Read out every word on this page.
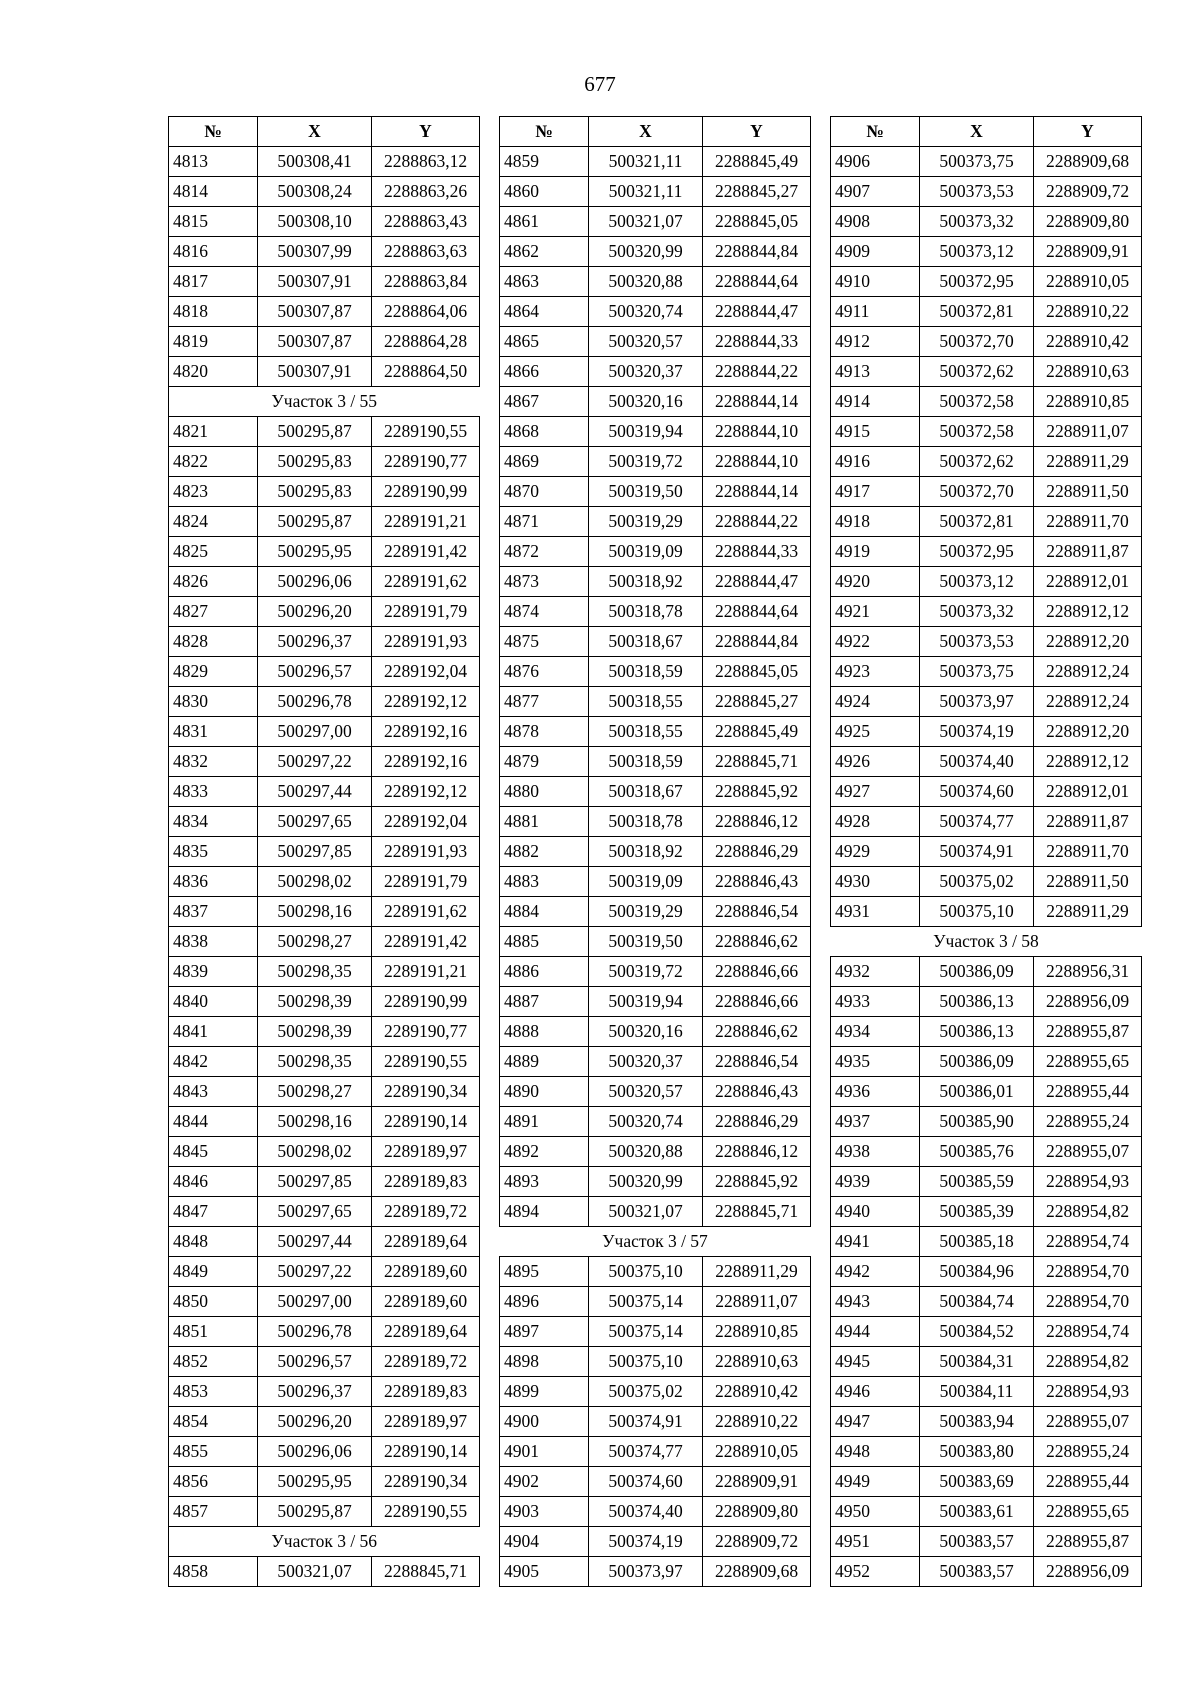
677
№	X	Y
4813	500308,41	2288863,12
4814	500308,24	2288863,26
4815	500308,10	2288863,43
4816	500307,99	2288863,63
4817	500307,91	2288863,84
4818	500307,87	2288864,06
4819	500307,87	2288864,28
4820	500307,91	2288864,50
Участок 3 / 55		
4821	500295,87	2289190,55
4822	500295,83	2289190,77
4823	500295,83	2289190,99
4824	500295,87	2289191,21
4825	500295,95	2289191,42
4826	500296,06	2289191,62
4827	500296,20	2289191,79
4828	500296,37	2289191,93
4829	500296,57	2289192,04
4830	500296,78	2289192,12
4831	500297,00	2289192,16
4832	500297,22	2289192,16
4833	500297,44	2289192,12
4834	500297,65	2289192,04
4835	500297,85	2289191,93
4836	500298,02	2289191,79
4837	500298,16	2289191,62
4838	500298,27	2289191,42
4839	500298,35	2289191,21
4840	500298,39	2289190,99
4841	500298,39	2289190,77
4842	500298,35	2289190,55
4843	500298,27	2289190,34
4844	500298,16	2289190,14
4845	500298,02	2289189,97
4846	500297,85	2289189,83
4847	500297,65	2289189,72
4848	500297,44	2289189,64
4849	500297,22	2289189,60
4850	500297,00	2289189,60
4851	500296,78	2289189,64
4852	500296,57	2289189,72
4853	500296,37	2289189,83
4854	500296,20	2289189,97
4855	500296,06	2289190,14
4856	500295,95	2289190,34
4857	500295,87	2289190,55
Участок 3 / 56		
4858	500321,07	2288845,71
№	X	Y
4859	500321,11	2288845,49
4860	500321,11	2288845,27
4861	500321,07	2288845,05
4862	500320,99	2288844,84
4863	500320,88	2288844,64
4864	500320,74	2288844,47
4865	500320,57	2288844,33
4866	500320,37	2288844,22
4867	500320,16	2288844,14
4868	500319,94	2288844,10
4869	500319,72	2288844,10
4870	500319,50	2288844,14
4871	500319,29	2288844,22
4872	500319,09	2288844,33
4873	500318,92	2288844,47
4874	500318,78	2288844,64
4875	500318,67	2288844,84
4876	500318,59	2288845,05
4877	500318,55	2288845,27
4878	500318,55	2288845,49
4879	500318,59	2288845,71
4880	500318,67	2288845,92
4881	500318,78	2288846,12
4882	500318,92	2288846,29
4883	500319,09	2288846,43
4884	500319,29	2288846,54
4885	500319,50	2288846,62
4886	500319,72	2288846,66
4887	500319,94	2288846,66
4888	500320,16	2288846,62
4889	500320,37	2288846,54
4890	500320,57	2288846,43
4891	500320,74	2288846,29
4892	500320,88	2288846,12
4893	500320,99	2288845,92
4894	500321,07	2288845,71
Участок 3 / 57		
4895	500375,10	2288911,29
4896	500375,14	2288911,07
4897	500375,14	2288910,85
4898	500375,10	2288910,63
4899	500375,02	2288910,42
4900	500374,91	2288910,22
4901	500374,77	2288910,05
4902	500374,60	2288909,91
4903	500374,40	2288909,80
4904	500374,19	2288909,72
4905	500373,97	2288909,68
№	X	Y
4906	500373,75	2288909,68
4907	500373,53	2288909,72
4908	500373,32	2288909,80
4909	500373,12	2288909,91
4910	500372,95	2288910,05
4911	500372,81	2288910,22
4912	500372,70	2288910,42
4913	500372,62	2288910,63
4914	500372,58	2288910,85
4915	500372,58	2288911,07
4916	500372,62	2288911,29
4917	500372,70	2288911,50
4918	500372,81	2288911,70
4919	500372,95	2288911,87
4920	500373,12	2288912,01
4921	500373,32	2288912,12
4922	500373,53	2288912,20
4923	500373,75	2288912,24
4924	500373,97	2288912,24
4925	500374,19	2288912,20
4926	500374,40	2288912,12
4927	500374,60	2288912,01
4928	500374,77	2288911,87
4929	500374,91	2288911,70
4930	500375,02	2288911,50
4931	500375,10	2288911,29
Участок 3 / 58		
4932	500386,09	2288956,31
4933	500386,13	2288956,09
4934	500386,13	2288955,87
4935	500386,09	2288955,65
4936	500386,01	2288955,44
4937	500385,90	2288955,24
4938	500385,76	2288955,07
4939	500385,59	2288954,93
4940	500385,39	2288954,82
4941	500385,18	2288954,74
4942	500384,96	2288954,70
4943	500384,74	2288954,70
4944	500384,52	2288954,74
4945	500384,31	2288954,82
4946	500384,11	2288954,93
4947	500383,94	2288955,07
4948	500383,80	2288955,24
4949	500383,69	2288955,44
4950	500383,61	2288955,65
4951	500383,57	2288955,87
4952	500383,57	2288956,09
